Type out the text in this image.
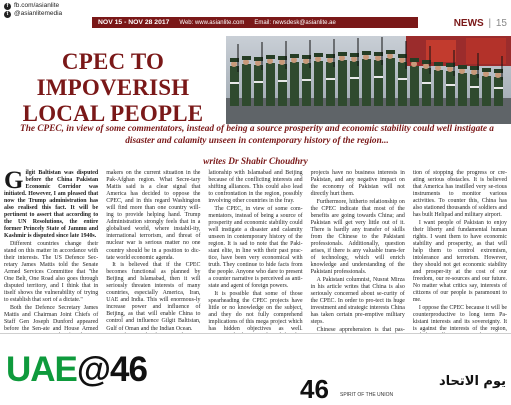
f fb.com/asianlite
t @asianlitemedia
NOV 15 - NOV 28 2017 Web: www.asianlite.com Email: newsdesk@asianlite.ae	NEWS | 15
CPEC TO IMPOVERISH
LOCAL PEOPLE
The CPEC, in view of some commentators, instead of being a source prosperity and economic stability could well instigate a disaster and calamity unseen in contemporary history of the region...
writes Dr Shabir Choudhry

Gilgit Baltistan was disputed before the China Pakistan Economic Corridor was initiated. However, I am pleased that now the Trump administration has also realised this fact. It will be pertinent to assert that according to the UN Resolutions, the entire former Princely State of Jammu and Kashmir is disputed since late 1940s.

Different countries change their stand on this matter in accordance with their interests. The US Defence Sec-retary James Mattis told the Senate Armed Services Committee that "the One Belt, One Road also goes through disputed territory, and I think that in itself shows the vulnerability of trying to establish that sort of a dictate."

Both the Defence Secretary James Mattis and Chairman Joint Chiefs of Staff Gen Joseph Dunford appeared before the Sen-ate and House Armed

makers on the current situation in the Pak-Afghan region. What Secre-tary Mattis said is a clear signal that America has decided to oppose the CPEC, and in this regard Washington will find more than one country will-ing to provide helping hand. Trump Administration strongly feels that in a globalised world, where instabil-ity, international terrorism, and threat of nuclear war is serious matter no one country should be in a position to dic-tate world economic agenda.

It is believed that if the CPEC becomes functional as planned by Beijing and Islamabad, then it will seriously threaten interests of many countries, especially America, Iran, UAE and India. This will enormous-ly increase power and influence of Beijing, as that will enable China to control and influence Gilgit Baltistan, Gulf of Oman and the Indian Ocean.

lationship with Islamabad and Beijing because of the conflicting interests and shifting alliances. This could also lead to confrontation in the region, possibly involving other countries in the fray.

The CPEC, in view of some com-mentators, instead of being a source of prosperity and economic stability could well instigate a disaster and calamity unseen in contemporary history of the region. It is sad to note that the Paki-stani elite, in line with their past prac-tice, have been very economical with truth. They continue to hide facts from the people. Anyone who dare to present a counter narrative is perceived as anti-state and agent of foreign powers.

It is possible that some of those spearheading the CPEC projects have little or no knowledge on the subject, and they do not fully comprehend implications of this mega project which has hidden objectives as well.

projects have no business interests in Pakistan, and any negative impact on the economy of Pakistan will not directly hurt them.

Furthermore, hitherto relationship on the CPEC indicate that most of the benefits are going towards China; and Pakistan will get very little out of it. There is hardly any transfer of skills from the Chinese to the Pakistani professionals. Additionally, question arises, if there is any valuable trans-fer of technology, which will enrich knowledge and understanding of the Pakistani professionals.

A Pakistani columnist, Nusrat Mirza in his article writes that China is also seriously concerned about se-curity of the CPEC. In order to pro-tect its huge investment and strategic interests China has taken certain pre-emptive military steps.

Chinese apprehension is that pas-

tion of stopping the progress or cre-ating serious obstacles. It is believed that America has instilled very se-rious instruments to monitor various activities. To counter this, China has also stationed thousands of soldiers and has built Helipad and military airport.

I want people of Pakistan to enjoy their liberty and fundamental human rights. I want them to have economic stability and prosperity, as that will help them to control extremism, intolerance and terrorism. However, they should not get economic stability and prosper-ity at the cost of our freedom, our re-sources and our future. No matter what critics say, interests of citizens of our people is paramount to me.

I oppose the CPEC because it will be counterproductive to long term Pa-kistani interests and its sovereignty. It is against the interests of the region,

UAE@46	46	يوم الاتحاد
SPIRIT OF THE UNION
